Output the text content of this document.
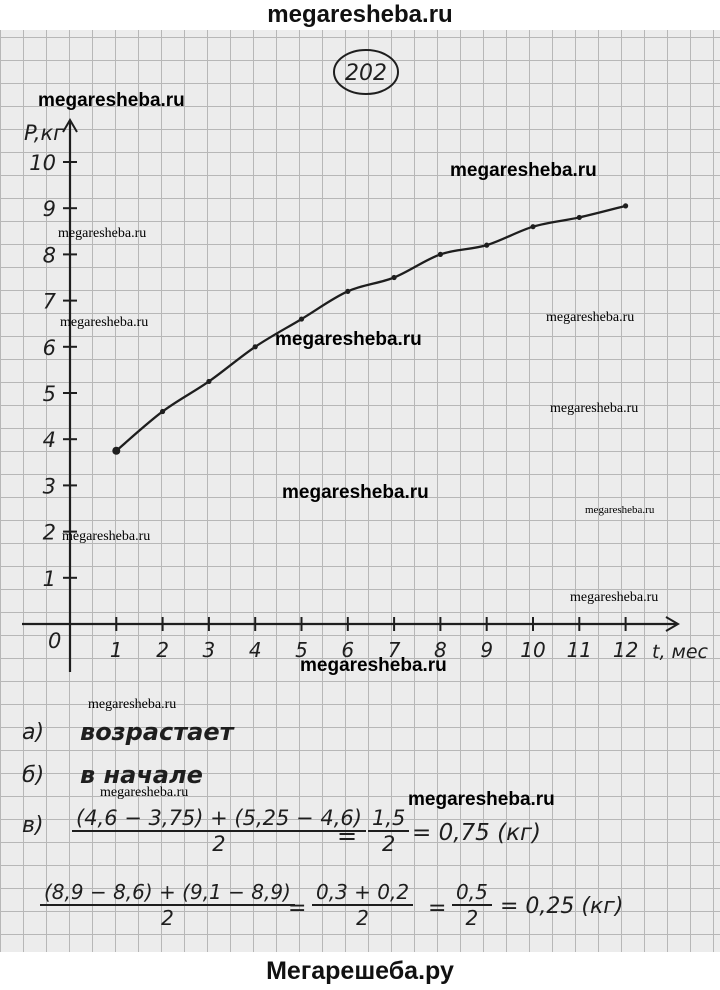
megaresheba.ru
202
P,кг
t, мес
0 1 2 3 4 5 6 7 8 9 10 11 12
1
2
3
4
5
6
7
8
9
10
megaresheba.ru
megaresheba.ru
megaresheba.ru
megaresheba.ru
megaresheba.ru
megaresheba.ru
megaresheba.ru
megaresheba.ru
megaresheba.ru
megaresheba.ru
megaresheba.ru
megaresheba.ru
megaresheba.ru
megaresheba.ru	megaresheba.ru
а) возрастает
б) в начале
$в) \frac{(4,6 - 3,75) + (5,25 - 4,6)}{2}$
= $\frac{1,5}{2} = 0,75$ (кг)
$\frac{(8,9 - 8,6) + (9,1 - 8,9)}{2}$
= $\frac{0,3 + 0,2}{2} = \frac{0,5}{2} = 0,25$ (кг)
Мегарешеба.ру
